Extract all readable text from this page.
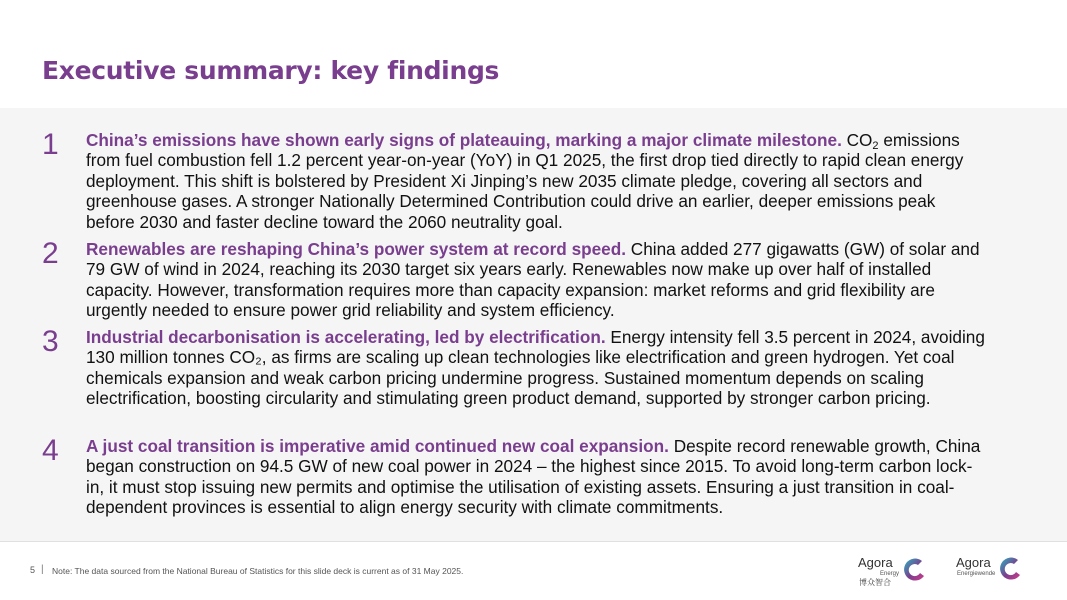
Executive summary: key findings
1 China’s emissions have shown early signs of plateauing, marking a major climate milestone. $CO_2$ emissions from fuel combustion fell 1.2 percent year-on-year (YoY) in Q1 2025, the first drop tied directly to rapid clean energy deployment. This shift is bolstered by President Xi Jinping’s new 2035 climate pledge, covering all sectors and greenhouse gases. A stronger Nationally Determined Contribution could drive an earlier, deeper emissions peak before 2030 and faster decline toward the 2060 neutrality goal.

2 Renewables are reshaping China’s power system at record speed. China added 277 gigawatts (GW) of solar and 79 GW of wind in 2024, reaching its 2030 target six years early. Renewables now make up over half of installed capacity. However, transformation requires more than capacity expansion: market reforms and grid flexibility are urgently needed to ensure power grid reliability and system efficiency.

3 Industrial decarbonisation is accelerating, led by electrification. Energy intensity fell 3.5 percent in 2024, avoiding 130 million tonnes CO₂, as firms are scaling up clean technologies like electrification and green hydrogen. Yet coal chemicals expansion and weak carbon pricing undermine progress. Sustained momentum depends on scaling electrification, boosting circularity and stimulating green product demand, supported by stronger carbon pricing.

4 A just coal transition is imperative amid continued new coal expansion. Despite record renewable growth, China began construction on 94.5 GW of new coal power in 2024 – the highest since 2015. To avoid long-term carbon lock-in, it must stop issuing new permits and optimise the utilisation of existing assets. Ensuring a just transition in coal-dependent provinces is essential to align energy security with climate commitments.

5 | Note: The data sourced from the National Bureau of Statistics for this slide deck is current as of 31 May 2025.
Agora
Energy
博众智合
Agora
Energiewende
